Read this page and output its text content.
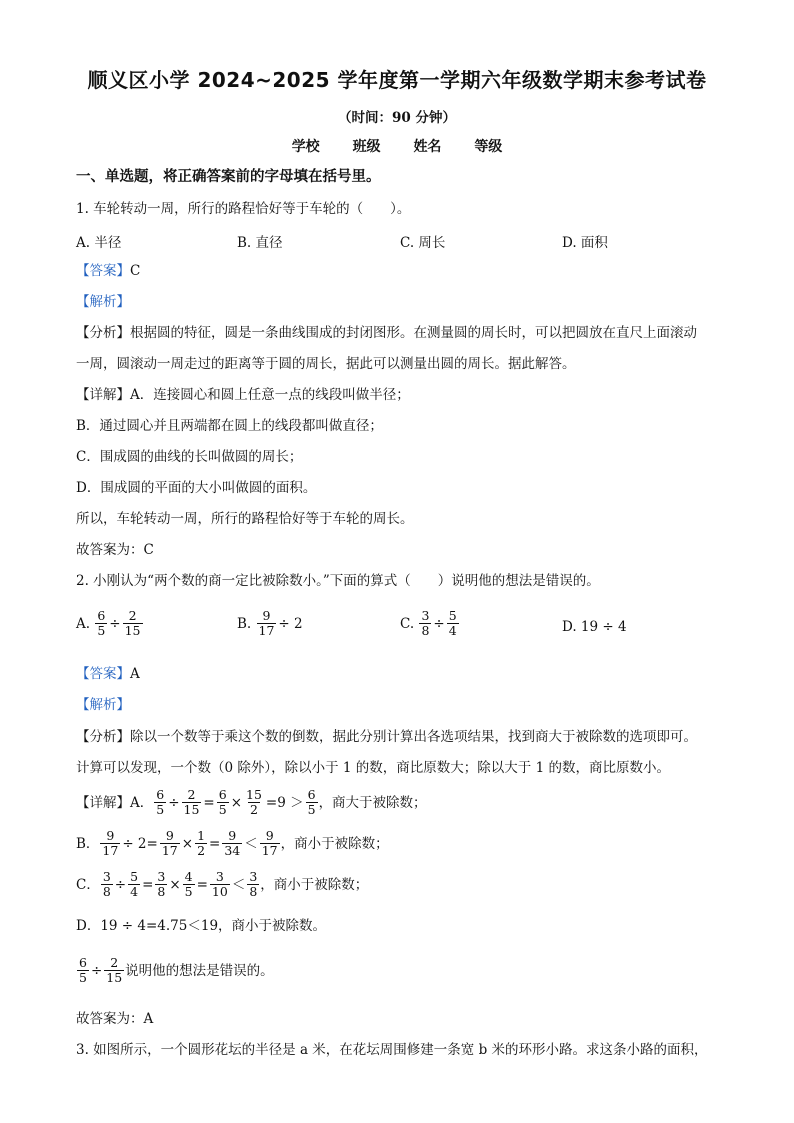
顺义区小学 2024~2025 学年度第一学期六年级数学期末参考试卷
（时间：90 分钟）
学校 班级 姓名 等级
一、单选题，将正确答案前的字母填在括号里。
1. 车轮转动一周，所行的路程恰好等于车轮的（　　）。
A. 半径	B. 直径	C. 周长	D. 面积
【答案】C
【解析】
【分析】根据圆的特征，圆是一条曲线围成的封闭图形。在测量圆的周长时，可以把圆放在直尺上面滚动
一周，圆滚动一周走过的距离等于圆的周长，据此可以测量出圆的周长。据此解答。
【详解】A．连接圆心和圆上任意一点的线段叫做半径；
B．通过圆心并且两端都在圆上的线段都叫做直径；
C．围成圆的曲线的长叫做圆的周长；
D．围成圆的平面的大小叫做圆的面积。
所以，车轮转动一周，所行的路程恰好等于车轮的周长。
故答案为：C
2. 小刚认为“两个数的商一定比被除数小。”下面的算式（　　）说明他的想法是错误的。
A.
$\frac{6}{5} \div \frac{2}{15}$	B.
$\frac{9}{17} \div 2$	C.
$\frac{3}{8} \div \frac{5}{4}$	D. 19 ÷ 4
【答案】A
【解析】
【分析】除以一个数等于乘这个数的倒数，据此分别计算出各选项结果，找到商大于被除数的选项即可。
计算可以发现，一个数（0 除外），除以小于 1 的数，商比原数大；除以大于 1 的数，商比原数小。
【详解】 A． $\frac{6}{5} \div \frac{2}{15} = \frac{6}{5} \times \frac{15}{2} =9 > \frac{6}{5}$ ，商大于被除数；
B． $\frac{9}{17} \div 2= \frac{9}{17} \times \frac{1}{2} = \frac{9}{34} < \frac{9}{17}$ ，商小于被除数；
C． $\frac{3}{8} \div \frac{5}{4} = \frac{3}{8} \times \frac{4}{5} = \frac{3}{10} < \frac{3}{8}$ ，商小于被除数；
D．19 ÷ 4=4.75＜19，商小于被除数。
$\frac{6}{5} \div \frac{2}{15}$ 说明他的想法是错误的。
故答案为：A
3. 如图所示，一个圆形花坛的半径是 a 米，在花坛周围修建一条宽 b 米的环形小路。求这条小路的面积，
